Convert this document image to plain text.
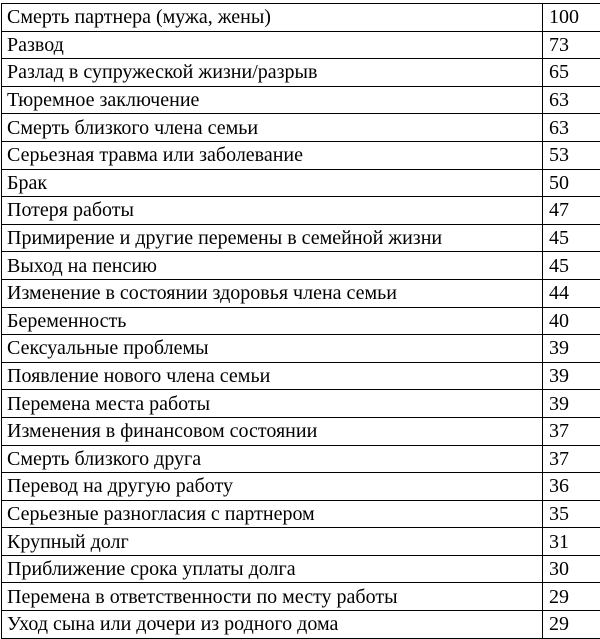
Смерть партнера (мужа, жены)	100
Развод	73
Разлад в супружеской жизни/разрыв	65
Тюремное заключение	63
Смерть близкого члена семьи	63
Серьезная травма или заболевание	53
Брак	50
Потеря работы	47
Примирение и другие перемены в семейной жизни	45
Выход на пенсию	45
Изменение в состоянии здоровья члена семьи	44
Беременность	40
Сексуальные проблемы	39
Появление нового члена семьи	39
Перемена места работы	39
Изменения в финансовом состоянии	37
Смерть близкого друга	37
Перевод на другую работу	36
Серьезные разногласия с партнером	35
Крупный долг	31
Приближение срока уплаты долга	30
Перемена в ответственности по месту работы	29
Уход сына или дочери из родного дома	29
